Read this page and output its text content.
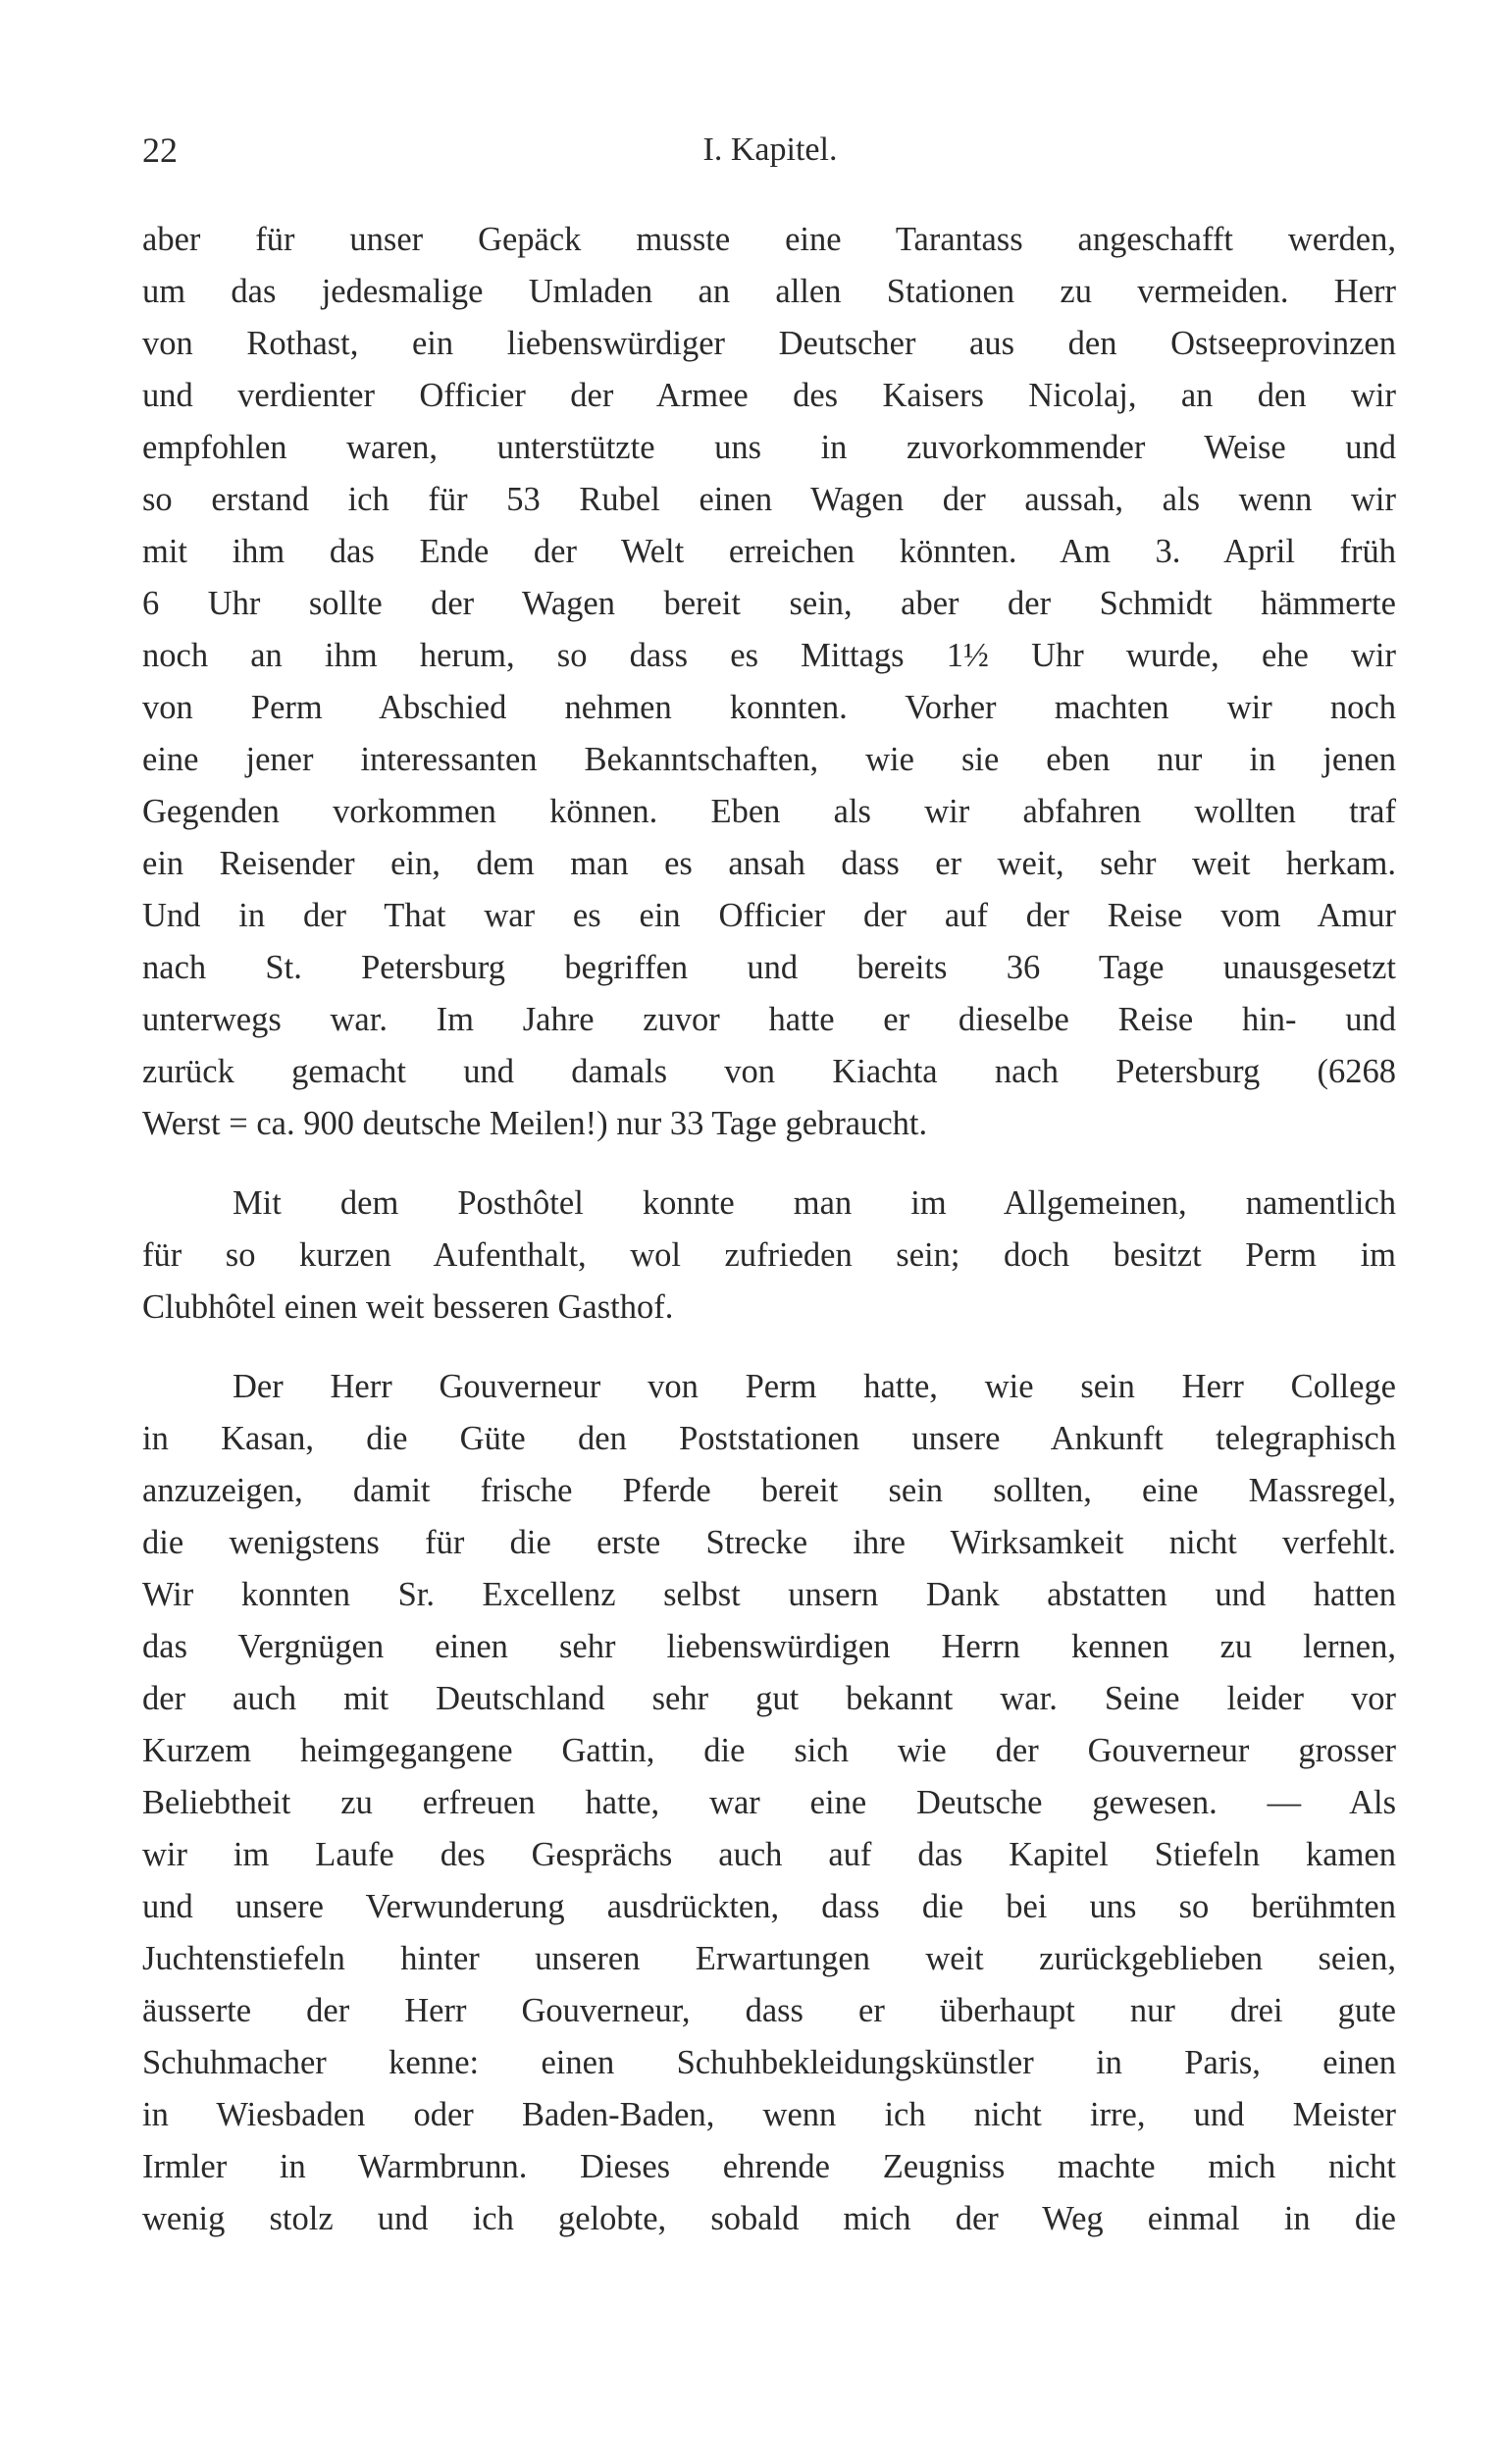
22	I. Kapitel.

aber für unser Gepäck musste eine Tarantass angeschafft werden,
um das jedesmalige Umladen an allen Stationen zu vermeiden. Herr
von Rothast, ein liebenswürdiger Deutscher aus den Ostseeprovinzen
und verdienter Officier der Armee des Kaisers Nicolaj, an den wir
empfohlen waren, unterstützte uns in zuvorkommender Weise und
so erstand ich für 53 Rubel einen Wagen der aussah, als wenn wir
mit ihm das Ende der Welt erreichen könnten. Am 3. April früh
6 Uhr sollte der Wagen bereit sein, aber der Schmidt hämmerte
noch an ihm herum, so dass es Mittags 1½ Uhr wurde, ehe wir
von Perm Abschied nehmen konnten. Vorher machten wir noch
eine jener interessanten Bekanntschaften, wie sie eben nur in jenen
Gegenden vorkommen können. Eben als wir abfahren wollten traf
ein Reisender ein, dem man es ansah dass er weit, sehr weit herkam.
Und in der That war es ein Officier der auf der Reise vom Amur
nach St. Petersburg begriffen und bereits 36 Tage unausgesetzt
unterwegs war. Im Jahre zuvor hatte er dieselbe Reise hin- und
zurück gemacht und damals von Kiachta nach Petersburg (6268
Werst = ca. 900 deutsche Meilen!) nur 33 Tage gebraucht.

Mit dem Posthôtel konnte man im Allgemeinen, namentlich
für so kurzen Aufenthalt, wol zufrieden sein; doch besitzt Perm im
Clubhôtel einen weit besseren Gasthof.

Der Herr Gouverneur von Perm hatte, wie sein Herr College
in Kasan, die Güte den Poststationen unsere Ankunft telegraphisch
anzuzeigen, damit frische Pferde bereit sein sollten, eine Massregel,
die wenigstens für die erste Strecke ihre Wirksamkeit nicht verfehlt.
Wir konnten Sr. Excellenz selbst unsern Dank abstatten und hatten
das Vergnügen einen sehr liebenswürdigen Herrn kennen zu lernen,
der auch mit Deutschland sehr gut bekannt war. Seine leider vor
Kurzem heimgegangene Gattin, die sich wie der Gouverneur grosser
Beliebtheit zu erfreuen hatte, war eine Deutsche gewesen. — Als
wir im Laufe des Gesprächs auch auf das Kapitel Stiefeln kamen
und unsere Verwunderung ausdrückten, dass die bei uns so berühmten
Juchtenstiefeln hinter unseren Erwartungen weit zurückgeblieben seien,
äusserte der Herr Gouverneur, dass er überhaupt nur drei gute
Schuhmacher kenne: einen Schuhbekleidungskünstler in Paris, einen
in Wiesbaden oder Baden-Baden, wenn ich nicht irre, und Meister
Irmler in Warmbrunn. Dieses ehrende Zeugniss machte mich nicht
wenig stolz und ich gelobte, sobald mich der Weg einmal in die
